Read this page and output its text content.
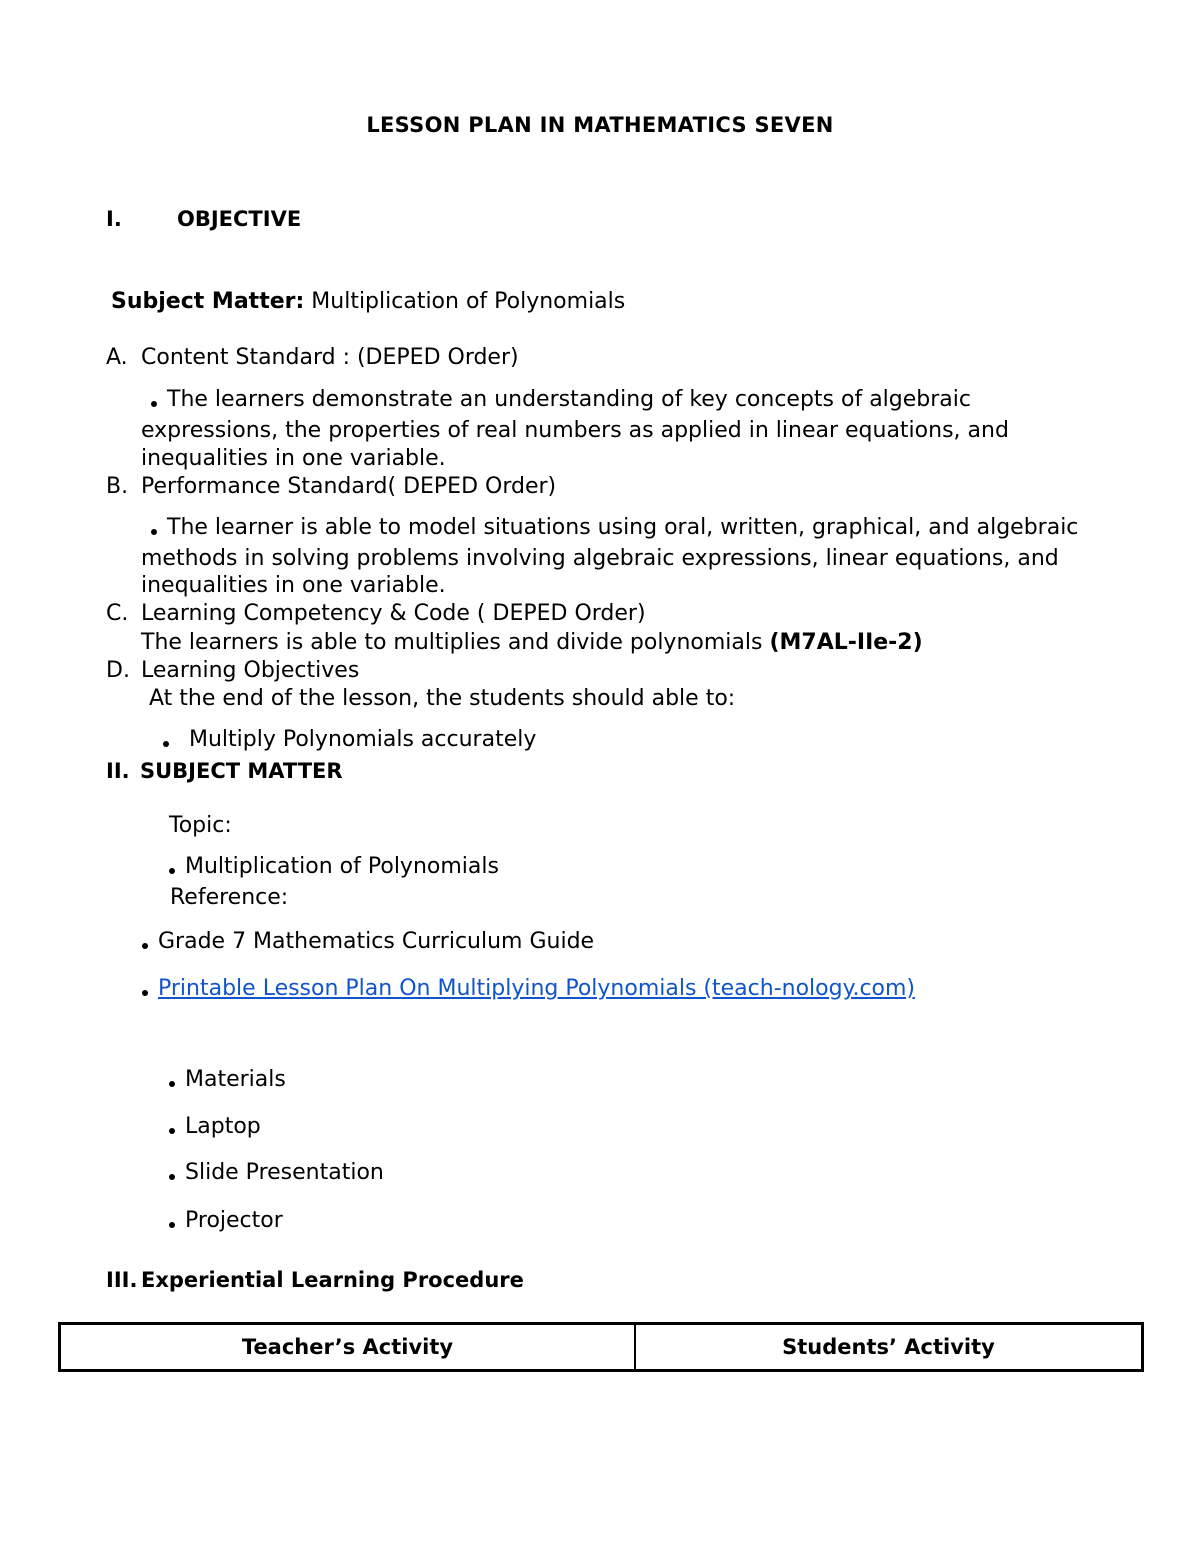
LESSON PLAN IN MATHEMATICS SEVEN
I.	OBJECTIVE
Subject Matter: Multiplication of Polynomials
A. Content Standard : (DEPED Order)
The learners demonstrate an understanding of key concepts of algebraic
expressions, the properties of real numbers as applied in linear equations, and
inequalities in one variable.
B. Performance Standard( DEPED Order)
The learner is able to model situations using oral, written, graphical, and algebraic
methods in solving problems involving algebraic expressions, linear equations, and
inequalities in one variable.
C. Learning Competency & Code ( DEPED Order)
The learners is able to multiplies and divide polynomials (M7AL-IIe-2)
D. Learning Objectives
At the end of the lesson, the students should able to:
Multiply Polynomials accurately
II. SUBJECT MATTER
Topic:
Multiplication of Polynomials
Reference:
Grade 7 Mathematics Curriculum Guide
Printable Lesson Plan On Multiplying Polynomials (teach-nology.com)
Materials
Laptop
Slide Presentation
Projector
III. Experiential Learning Procedure
Teacher’s Activity	Students’ Activity
